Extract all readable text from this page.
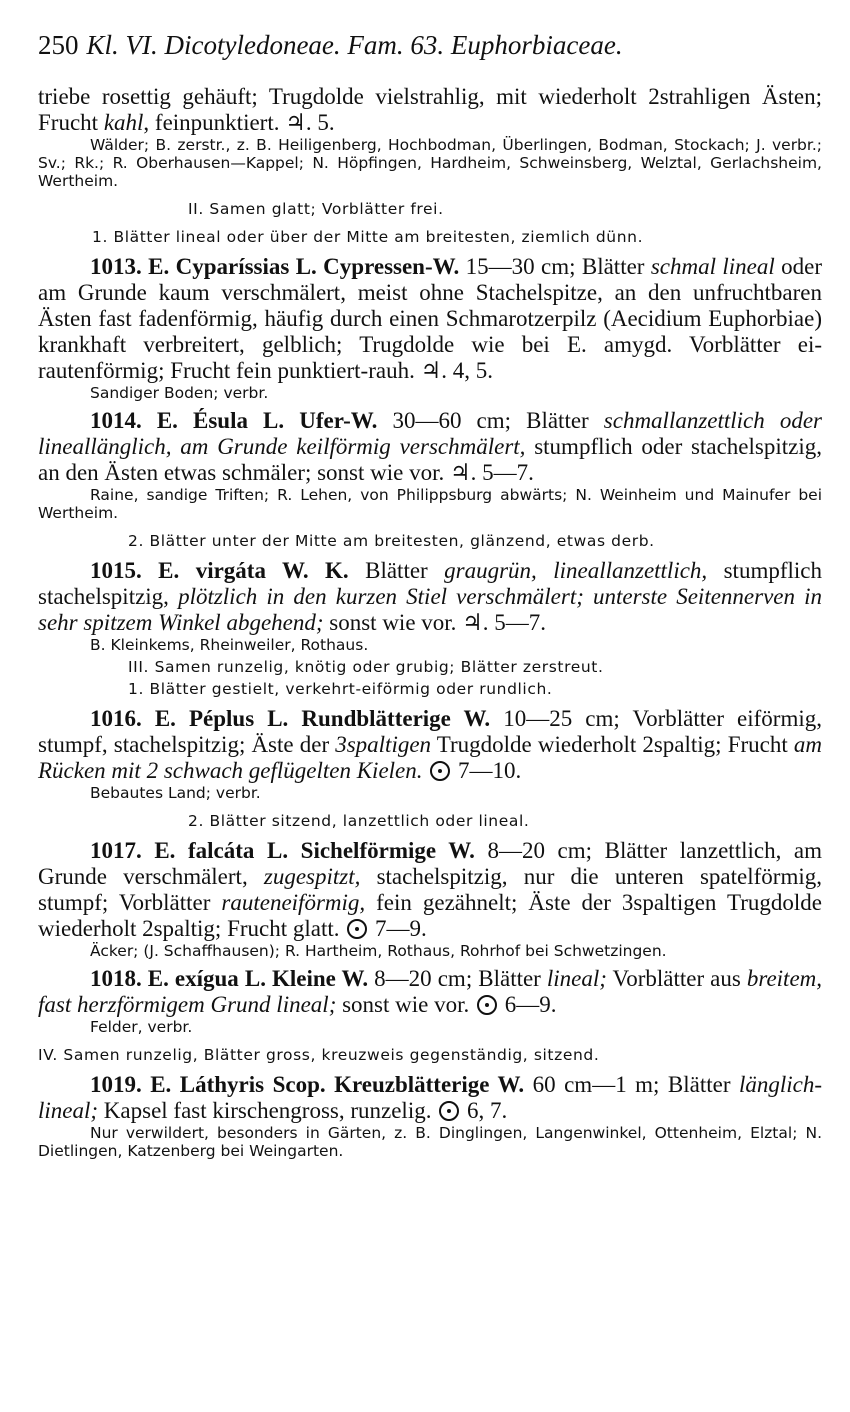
250 Kl. VI. Dicotyledoneae. Fam. 63. Euphorbiaceae.

triebe rosettig gehäuft; Trugdolde vielstrahlig, mit wiederholt 2strahligen Ästen; Frucht kahl, feinpunktiert. ♃. 5.

Wälder; B. zerstr., z. B. Heiligenberg, Hochbodman, Überlingen, Bodman, Stockach; J. verbr.; Sv.; Rk.; R. Oberhausen—Kappel; N. Höpfingen, Hardheim, Schweinsberg, Welztal, Gerlachsheim, Wertheim.

II. Samen glatt; Vorblätter frei.
1. Blätter lineal oder über der Mitte am breitesten, ziemlich dünn.

1013. E. Cyparíssias L. Cypressen-W. 15—30 cm; Blätter schmal lineal oder am Grunde kaum verschmälert, meist ohne Stachelspitze, an den unfruchtbaren Ästen fast fadenförmig, häufig durch einen Schmarotzerpilz (Aecidium Euphorbiae) krankhaft verbreitert, gelblich; Trugdolde wie bei E. amygd. Vorblätter ei-rautenförmig; Frucht fein punktiert-rauh. ♃. 4, 5.

Sandiger Boden; verbr.

1014. E. Ésula L. Ufer-W. 30—60 cm; Blätter schmallanzettlich oder lineallänglich, am Grunde keilförmig verschmälert, stumpflich oder stachelspitzig, an den Ästen etwas schmäler; sonst wie vor. ♃. 5—7.

Raine, sandige Triften; R. Lehen, von Philippsburg abwärts; N. Weinheim und Mainufer bei Wertheim.

2. Blätter unter der Mitte am breitesten, glänzend, etwas derb.

1015. E. virgáta W. K. Blätter graugrün, lineallanzettlich, stumpflich stachelspitzig, plötzlich in den kurzen Stiel verschmälert; unterste Seitennerven in sehr spitzem Winkel abgehend; sonst wie vor. ♃. 5—7.

B. Kleinkems, Rheinweiler, Rothaus.

III. Samen runzelig, knötig oder grubig; Blätter zerstreut.
1. Blätter gestielt, verkehrt-eiförmig oder rundlich.

1016. E. Péplus L. Rundblätterige W. 10—25 cm; Vorblätter eiförmig, stumpf, stachelspitzig; Äste der 3spaltigen Trugdolde wiederholt 2spaltig; Frucht am Rücken mit 2 schwach geflügelten Kielen.  7—10.

Bebautes Land; verbr.

2. Blätter sitzend, lanzettlich oder lineal.

1017. E. falcáta L. Sichelförmige W. 8—20 cm; Blätter lanzettlich, am Grunde verschmälert, zugespitzt, stachelspitzig, nur die unteren spatelförmig, stumpf; Vorblätter rauteneiförmig, fein gezähnelt; Äste der 3spaltigen Trugdolde wiederholt 2spaltig; Frucht glatt.  7—9.

Äcker; (J. Schaffhausen); R. Hartheim, Rothaus, Rohrhof bei Schwetzingen.

1018. E. exígua L. Kleine W. 8—20 cm; Blätter lineal; Vorblätter aus breitem, fast herzförmigem Grund lineal; sonst wie vor.  6—9.

Felder, verbr.

IV. Samen runzelig, Blätter gross, kreuzweis gegenständig, sitzend.

1019. E. Láthyris Scop. Kreuzblätterige W. 60 cm—1 m; Blätter länglich-lineal; Kapsel fast kirschengross, runzelig.  6, 7.

Nur verwildert, besonders in Gärten, z. B. Dinglingen, Langenwinkel, Ottenheim, Elztal; N. Dietlingen, Katzenberg bei Weingarten.
